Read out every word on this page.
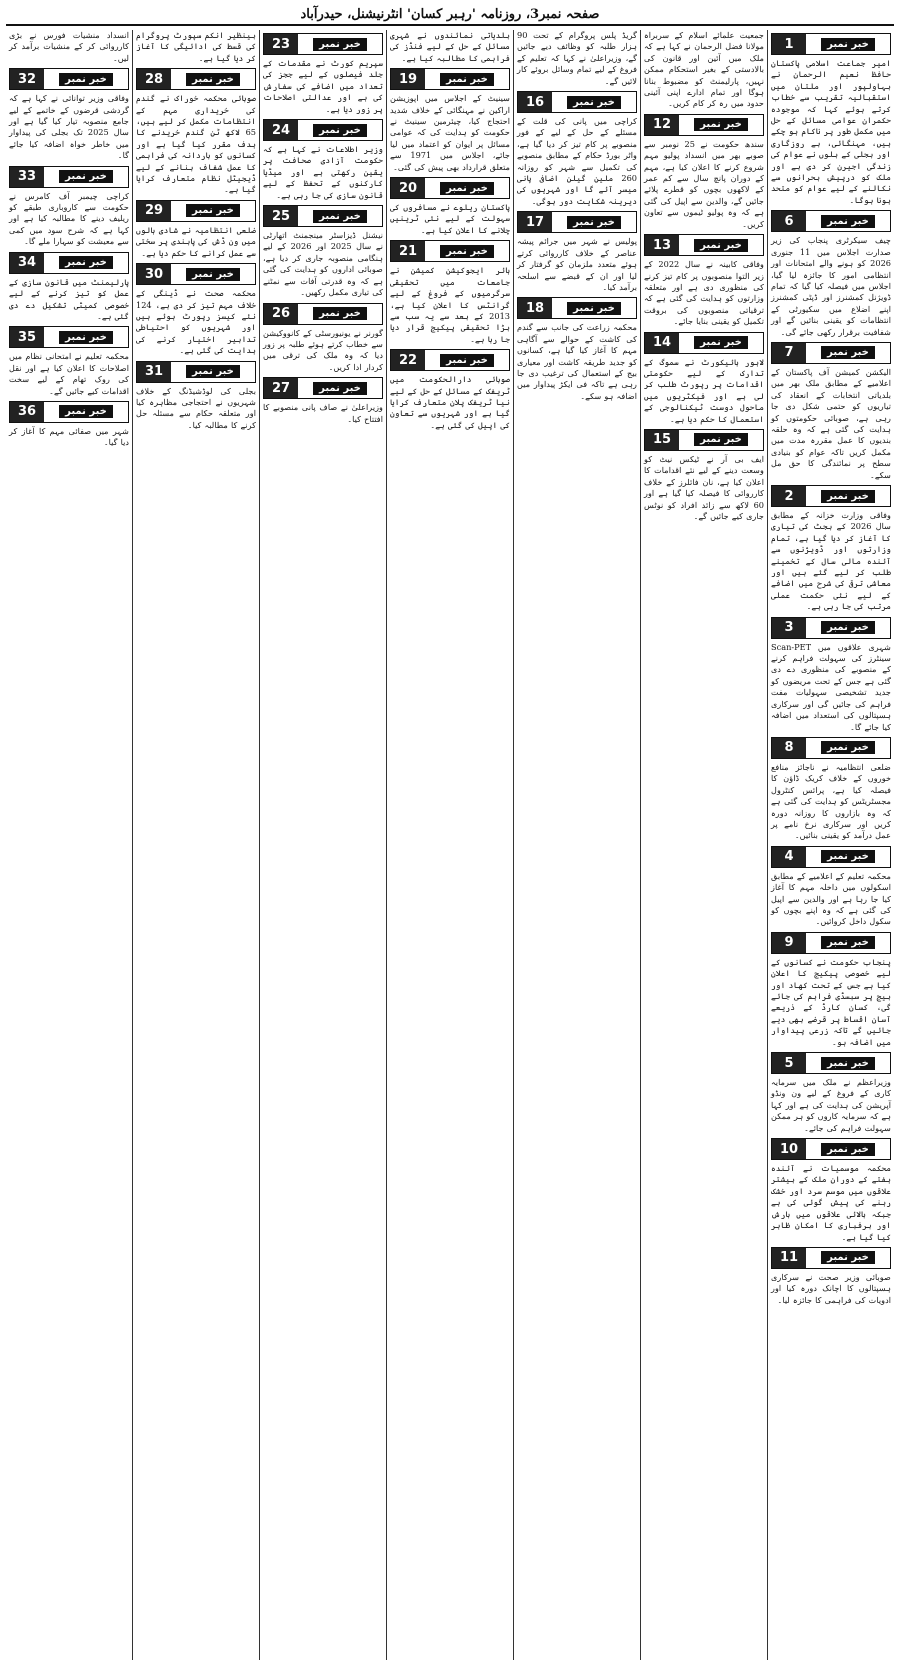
صفحہ نمبر3، روزنامہ 'رہبر کسان' انٹرنیشنل، حیدرآباد
1	خبر نمبر

امیر جماعت اسلامی پاکستان حافظ نعیم الرحمان نے بہاولپور اور ملتان میں استقبالیہ تقریب سے خطاب کرتے ہوئے کہا کہ موجودہ حکمران عوامی مسائل کے حل میں مکمل طور پر ناکام ہو چکے ہیں، مہنگائی، بے روزگاری اور بجلی کے بلوں نے عوام کی زندگی اجیرن کر دی ہے اور ملک کو درپیش بحرانوں سے نکالنے کے لیے عوام کو متحد ہونا ہوگا۔

6	خبر نمبر

چیف سیکرٹری پنجاب کی زیر صدارت اجلاس میں 11 جنوری 2026 کو ہونے والے امتحانات اور انتظامی امور کا جائزہ لیا گیا، اجلاس میں فیصلہ کیا گیا کہ تمام ڈویژنل کمشنرز اور ڈپٹی کمشنرز اپنے اضلاع میں سکیورٹی کے انتظامات کو یقینی بنائیں گے اور شفافیت برقرار رکھی جائے گی۔

7	خبر نمبر

الیکشن کمیشن آف پاکستان کے اعلامیے کے مطابق ملک بھر میں بلدیاتی انتخابات کے انعقاد کی تیاریوں کو حتمی شکل دی جا رہی ہے، صوبائی حکومتوں کو ہدایت کی گئی ہے کہ وہ حلقہ بندیوں کا عمل مقررہ مدت میں مکمل کریں تاکہ عوام کو بنیادی سطح پر نمائندگی کا حق مل سکے۔

2	خبر نمبر

وفاقی وزارت خزانہ کے مطابق سال 2026 کے بجٹ کی تیاری کا آغاز کر دیا گیا ہے، تمام وزارتوں اور ڈویژنوں سے آئندہ مالی سال کے تخمینے طلب کر لیے گئے ہیں اور معاشی ترقی کی شرح میں اضافے کے لیے نئی حکمت عملی مرتب کی جا رہی ہے۔

3	خبر نمبر

شہری علاقوں میں Scan-PET سینٹرز کی سہولت فراہم کرنے کے منصوبے کی منظوری دے دی گئی ہے جس کے تحت مریضوں کو جدید تشخیصی سہولیات مفت فراہم کی جائیں گی اور سرکاری ہسپتالوں کی استعداد میں اضافہ کیا جائے گا۔

8	خبر نمبر

ضلعی انتظامیہ نے ناجائز منافع خوروں کے خلاف کریک ڈاؤن کا فیصلہ کیا ہے، پرائس کنٹرول مجسٹریٹس کو ہدایت کی گئی ہے کہ وہ بازاروں کا روزانہ دورہ کریں اور سرکاری نرخ نامے پر عمل درآمد کو یقینی بنائیں۔

4	خبر نمبر

محکمہ تعلیم کے اعلامیے کے مطابق اسکولوں میں داخلہ مہم کا آغاز کیا جا رہا ہے اور والدین سے اپیل کی گئی ہے کہ وہ اپنے بچوں کو سکول داخل کروائیں۔

9	خبر نمبر

پنجاب حکومت نے کسانوں کے لیے خصوصی پیکیج کا اعلان کیا ہے جس کے تحت کھاد اور بیج پر سبسڈی فراہم کی جائے گی، کسان کارڈ کے ذریعے آسان اقساط پر قرضے بھی دیے جائیں گے تاکہ زرعی پیداوار میں اضافہ ہو۔

5	خبر نمبر

وزیراعظم نے ملک میں سرمایہ کاری کے فروغ کے لیے ون ونڈو آپریشن کی ہدایت کی ہے اور کہا ہے کہ سرمایہ کاروں کو ہر ممکن سہولت فراہم کی جائے۔

10	خبر نمبر

محکمہ موسمیات نے آئندہ ہفتے کے دوران ملک کے بیشتر علاقوں میں موسم سرد اور خشک رہنے کی پیش گوئی کی ہے جبکہ بالائی علاقوں میں بارش اور برفباری کا امکان ظاہر کیا گیا ہے۔

11	خبر نمبر

صوبائی وزیر صحت نے سرکاری ہسپتالوں کا اچانک دورہ کیا اور ادویات کی فراہمی کا جائزہ لیا۔

جمعیت علمائے اسلام کے سربراہ مولانا فضل الرحمان نے کہا ہے کہ ملک میں آئین اور قانون کی بالادستی کے بغیر استحکام ممکن نہیں، پارلیمنٹ کو مضبوط بنانا ہوگا اور تمام ادارے اپنی آئینی حدود میں رہ کر کام کریں۔

12	خبر نمبر

سندھ حکومت نے 25 نومبر سے صوبے بھر میں انسداد پولیو مہم شروع کرنے کا اعلان کیا ہے، مہم کے دوران پانچ سال سے کم عمر کے لاکھوں بچوں کو قطرے پلائے جائیں گے، والدین سے اپیل کی گئی ہے کہ وہ پولیو ٹیموں سے تعاون کریں۔

13	خبر نمبر

وفاقی کابینہ نے سال 2022 کے زیر التوا منصوبوں پر کام تیز کرنے کی منظوری دی ہے اور متعلقہ وزارتوں کو ہدایت کی گئی ہے کہ ترقیاتی منصوبوں کی بروقت تکمیل کو یقینی بنایا جائے۔

14	خبر نمبر

لاہور ہائیکورٹ نے سموگ کے تدارک کے لیے حکومتی اقدامات پر رپورٹ طلب کر لی ہے اور فیکٹریوں میں ماحول دوست ٹیکنالوجی کے استعمال کا حکم دیا ہے۔

15	خبر نمبر

ایف بی آر نے ٹیکس نیٹ کو وسعت دینے کے لیے نئے اقدامات کا اعلان کیا ہے، نان فائلرز کے خلاف کارروائی کا فیصلہ کیا گیا ہے اور 60 لاکھ سے زائد افراد کو نوٹس جاری کیے جائیں گے۔

گریڈ پلس پروگرام کے تحت 90 ہزار طلبہ کو وظائف دیے جائیں گے، وزیراعلیٰ نے کہا کہ تعلیم کے فروغ کے لیے تمام وسائل بروئے کار لائیں گے۔

16	خبر نمبر

کراچی میں پانی کی قلت کے مسئلے کے حل کے لیے کے فور منصوبے پر کام تیز کر دیا گیا ہے، واٹر بورڈ حکام کے مطابق منصوبے کی تکمیل سے شہر کو روزانہ 260 ملین گیلن اضافی پانی میسر آئے گا اور شہریوں کی دیرینہ شکایت دور ہوگی۔

17	خبر نمبر

پولیس نے شہر میں جرائم پیشہ عناصر کے خلاف کارروائی کرتے ہوئے متعدد ملزمان کو گرفتار کر لیا اور ان کے قبضے سے اسلحہ برآمد کیا۔

18	خبر نمبر

محکمہ زراعت کی جانب سے گندم کی کاشت کے حوالے سے آگاہی مہم کا آغاز کیا گیا ہے، کسانوں کو جدید طریقہ کاشت اور معیاری بیج کے استعمال کی ترغیب دی جا رہی ہے تاکہ فی ایکڑ پیداوار میں اضافہ ہو سکے۔

بلدیاتی نمائندوں نے شہری مسائل کے حل کے لیے فنڈز کی فراہمی کا مطالبہ کیا ہے۔

19	خبر نمبر

سینیٹ کے اجلاس میں اپوزیشن اراکین نے مہنگائی کے خلاف شدید احتجاج کیا، چیئرمین سینیٹ نے حکومت کو ہدایت کی کہ عوامی مسائل پر ایوان کو اعتماد میں لیا جائے، اجلاس میں 1971 سے متعلق قرارداد بھی پیش کی گئی۔

20	خبر نمبر

پاکستان ریلوے نے مسافروں کی سہولت کے لیے نئی ٹرینیں چلانے کا اعلان کیا ہے۔

21	خبر نمبر

ہائر ایجوکیشن کمیشن نے جامعات میں تحقیقی سرگرمیوں کے فروغ کے لیے گرانٹس کا اعلان کیا ہے، 2013 کے بعد سے یہ سب سے بڑا تحقیقی پیکیج قرار دیا جا رہا ہے۔

22	خبر نمبر

صوبائی دارالحکومت میں ٹریفک کے مسائل کے حل کے لیے نیا ٹریفک پلان متعارف کرایا گیا ہے اور شہریوں سے تعاون کی اپیل کی گئی ہے۔

23	خبر نمبر

سپریم کورٹ نے مقدمات کے جلد فیصلوں کے لیے ججز کی تعداد میں اضافے کی سفارش کی ہے اور عدالتی اصلاحات پر زور دیا ہے۔

24	خبر نمبر

وزیر اطلاعات نے کہا ہے کہ حکومت آزادی صحافت پر یقین رکھتی ہے اور میڈیا کارکنوں کے تحفظ کے لیے قانون سازی کی جا رہی ہے۔

25	خبر نمبر

نیشنل ڈیزاسٹر مینجمنٹ اتھارٹی نے سال 2025 اور 2026 کے لیے ہنگامی منصوبہ جاری کر دیا ہے، صوبائی اداروں کو ہدایت کی گئی ہے کہ وہ قدرتی آفات سے نمٹنے کی تیاری مکمل رکھیں۔

26	خبر نمبر

گورنر نے یونیورسٹی کے کانووکیشن سے خطاب کرتے ہوئے طلبہ پر زور دیا کہ وہ ملک کی ترقی میں کردار ادا کریں۔

27	خبر نمبر

وزیراعلیٰ نے صاف پانی منصوبے کا افتتاح کیا۔

بینظیر انکم سپورٹ پروگرام کی قسط کی ادائیگی کا آغاز کر دیا گیا ہے۔

28	خبر نمبر

صوبائی محکمہ خوراک نے گندم کی خریداری مہم کے انتظامات مکمل کر لیے ہیں، 65 لاکھ ٹن گندم خریدنے کا ہدف مقرر کیا گیا ہے اور کسانوں کو باردانہ کی فراہمی کا عمل شفاف بنانے کے لیے ڈیجیٹل نظام متعارف کرایا گیا ہے۔

29	خبر نمبر

ضلعی انتظامیہ نے شادی ہالوں میں ون ڈش کی پابندی پر سختی سے عمل کرانے کا حکم دیا ہے۔

30	خبر نمبر

محکمہ صحت نے ڈینگی کے خلاف مہم تیز کر دی ہے، 124 نئے کیسز رپورٹ ہوئے ہیں اور شہریوں کو احتیاطی تدابیر اختیار کرنے کی ہدایت کی گئی ہے۔

31	خبر نمبر

بجلی کی لوڈشیڈنگ کے خلاف شہریوں نے احتجاجی مظاہرہ کیا اور متعلقہ حکام سے مسئلہ حل کرنے کا مطالبہ کیا۔

انسداد منشیات فورس نے بڑی کارروائی کر کے منشیات برآمد کر لیں۔

32	خبر نمبر

وفاقی وزیر توانائی نے کہا ہے کہ گردشی قرضوں کے خاتمے کے لیے جامع منصوبہ تیار کیا گیا ہے اور سال 2025 تک بجلی کی پیداوار میں خاطر خواہ اضافہ کیا جائے گا۔

33	خبر نمبر

کراچی چیمبر آف کامرس نے حکومت سے کاروباری طبقے کو ریلیف دینے کا مطالبہ کیا ہے اور کہا ہے کہ شرح سود میں کمی سے معیشت کو سہارا ملے گا۔

34	خبر نمبر

پارلیمنٹ میں قانون سازی کے عمل کو تیز کرنے کے لیے خصوصی کمیٹی تشکیل دے دی گئی ہے۔

35	خبر نمبر

محکمہ تعلیم نے امتحانی نظام میں اصلاحات کا اعلان کیا ہے اور نقل کی روک تھام کے لیے سخت اقدامات کیے جائیں گے۔

36	خبر نمبر

شہر میں صفائی مہم کا آغاز کر دیا گیا۔
